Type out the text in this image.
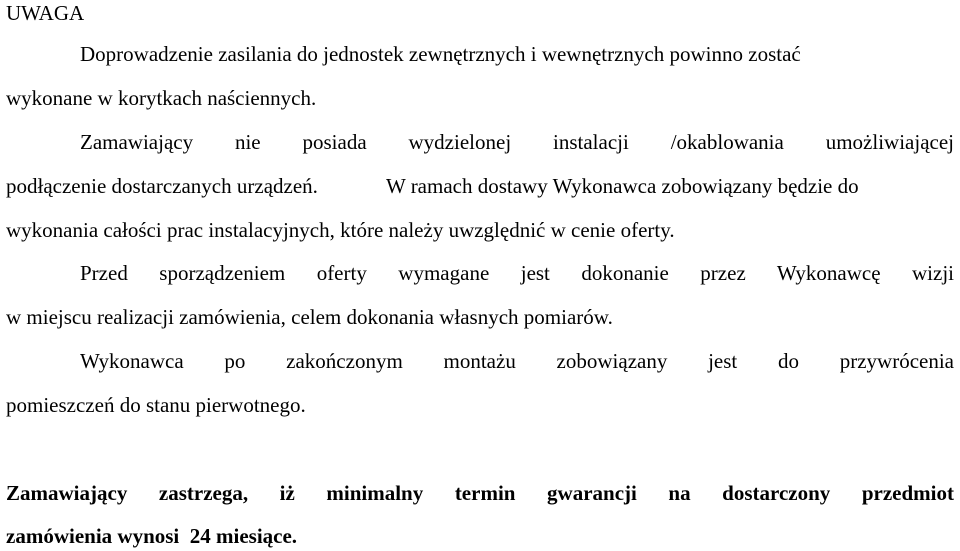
UWAGA
Doprowadzenie zasilania do jednostek zewnętrznych i wewnętrznych powinno zostać
wykonane w korytkach naściennych.
Zamawiający nie posiada wydzielonej instalacji /okablowania umożliwiającej
podłączenie dostarczanych urządzeń.	W ramach dostawy Wykonawca zobowiązany będzie do
wykonania całości prac instalacyjnych, które należy uwzględnić w cenie oferty.
Przed sporządzeniem oferty wymagane jest dokonanie przez Wykonawcę wizji
w miejscu realizacji zamówienia, celem dokonania własnych pomiarów.
Wykonawca po zakończonym montażu zobowiązany jest do przywrócenia
pomieszczeń do stanu pierwotnego.
Zamawiający zastrzega, iż minimalny termin gwarancji na dostarczony przedmiot
zamówienia wynosi  24 miesiące.
